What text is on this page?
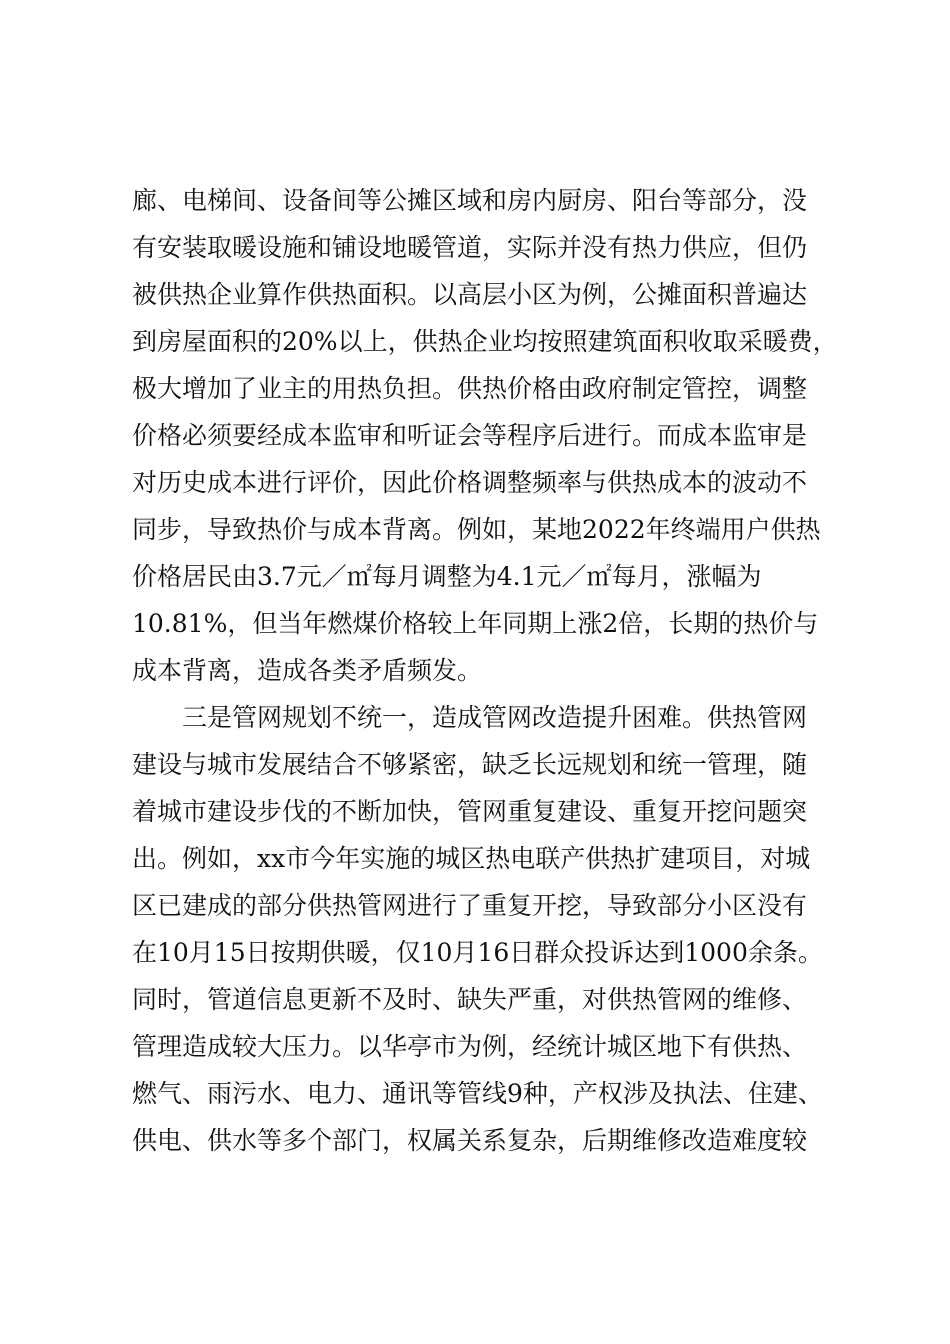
廊、电梯间、设备间等公摊区域和房内厨房、阳台等部分，没
有安装取暖设施和铺设地暖管道，实际并没有热力供应，但仍
被供热企业算作供热面积。以高层小区为例，公摊面积普遍达
到房屋面积的20%以上，供热企业均按照建筑面积收取采暖费，
极大增加了业主的用热负担。供热价格由政府制定管控，调整
价格必须要经成本监审和听证会等程序后进行。而成本监审是
对历史成本进行评价，因此价格调整频率与供热成本的波动不
同步，导致热价与成本背离。例如，某地2022年终端用户供热
价格居民由3.7元／㎡每月调整为4.1元／㎡每月，涨幅为
10.81%，但当年燃煤价格较上年同期上涨2倍，长期的热价与
成本背离，造成各类矛盾频发。
三是管网规划不统一，造成管网改造提升困难。供热管网
建设与城市发展结合不够紧密，缺乏长远规划和统一管理，随
着城市建设步伐的不断加快，管网重复建设、重复开挖问题突
出。例如，xx市今年实施的城区热电联产供热扩建项目，对城
区已建成的部分供热管网进行了重复开挖，导致部分小区没有
在10月15日按期供暖，仅10月16日群众投诉达到1000余条。
同时，管道信息更新不及时、缺失严重，对供热管网的维修、
管理造成较大压力。以华亭市为例，经统计城区地下有供热、
燃气、雨污水、电力、通讯等管线9种，产权涉及执法、住建、
供电、供水等多个部门，权属关系复杂，后期维修改造难度较
